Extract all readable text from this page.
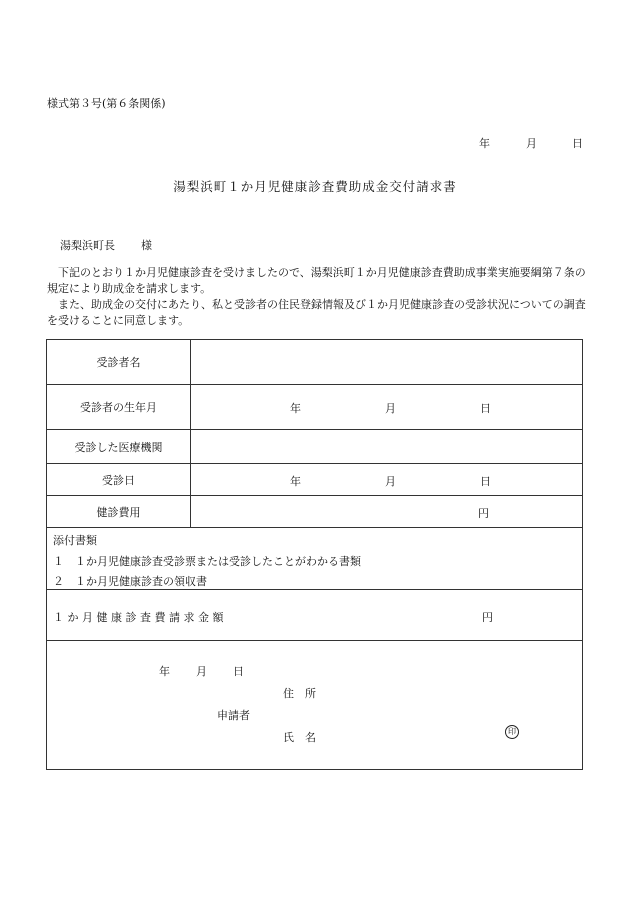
様式第３号(第６条関係)
年	月	日
湯梨浜町１か月児健康診査費助成金交付請求書
湯梨浜町長 様

下記のとおり１か月児健康診査を受けましたので、湯梨浜町１か月児健康診査費助成事業実施要綱第７条の規定により助成金を請求します。

また、助成金の交付にあたり、私と受診者の住民登録情報及び１か月児健康診査の受診状況についての調査を受けることに同意します。

受診者名
受診者の生年月	年	月	日
受診した医療機関
受診日	年	月	日
健診費用	円
添付書類
１　１か月児健康診査受診票または受診したことがわかる書類
２　１か月児健康診査の領収書
１ か 月 健 康 診 査 費 請 求 金 額	円
年 月 日
住　所
申請者
氏　名	印
